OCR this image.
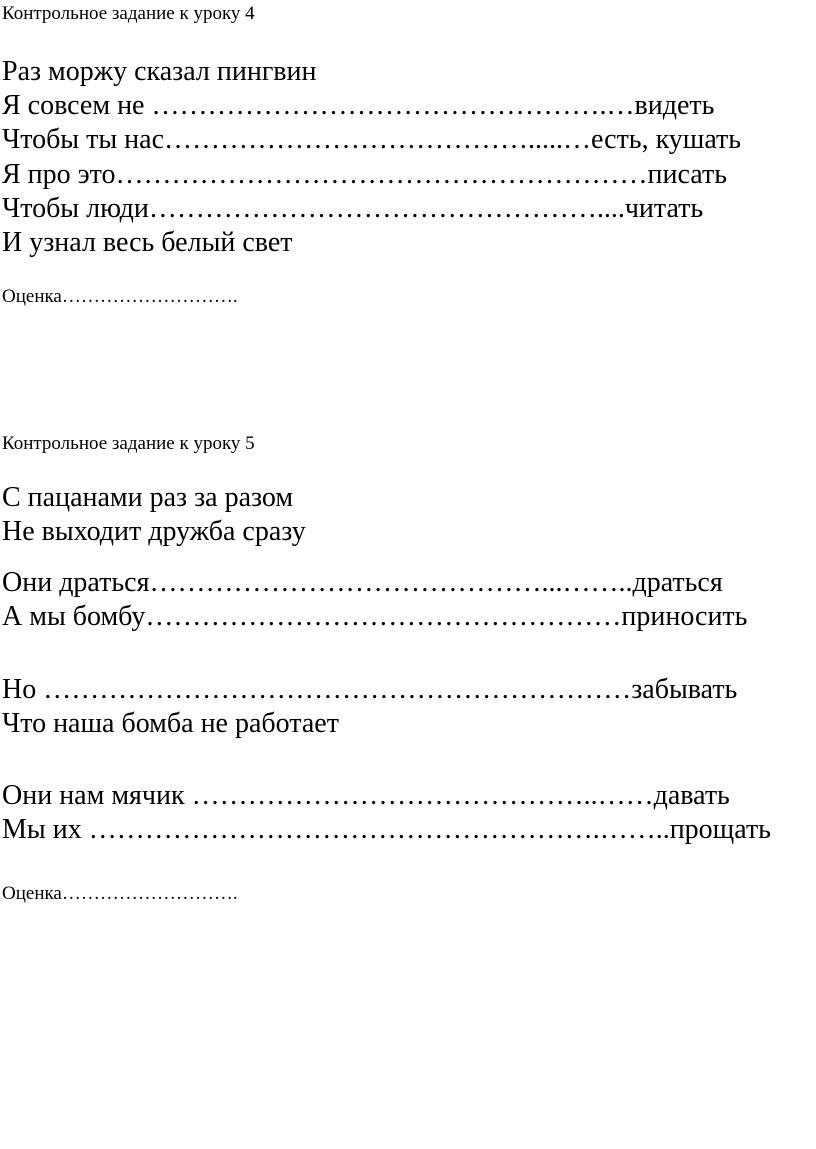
Контрольное задание к уроку 4

Раз моржу сказал пингвин

Я совсем не ………………………………………….…видеть

Чтобы ты нас………………………………….....…есть, кушать

Я про это…………………………………………………писать

Чтобы люди…………………………………………....читать

И узнал весь белый свет

Оценка……………………….

Контрольное задание к уроку 5

С пацанами раз за разом

Не выходит дружба сразу

Они драться……………………………………...……..драться

А мы бомбу……………………………………………приносить

Но ………………………………………………………забывать

Что наша бомба не работает

Они нам мячик ……………………………………..……давать

Мы их ……………………………………………….……..прощать

Оценка……………………….
